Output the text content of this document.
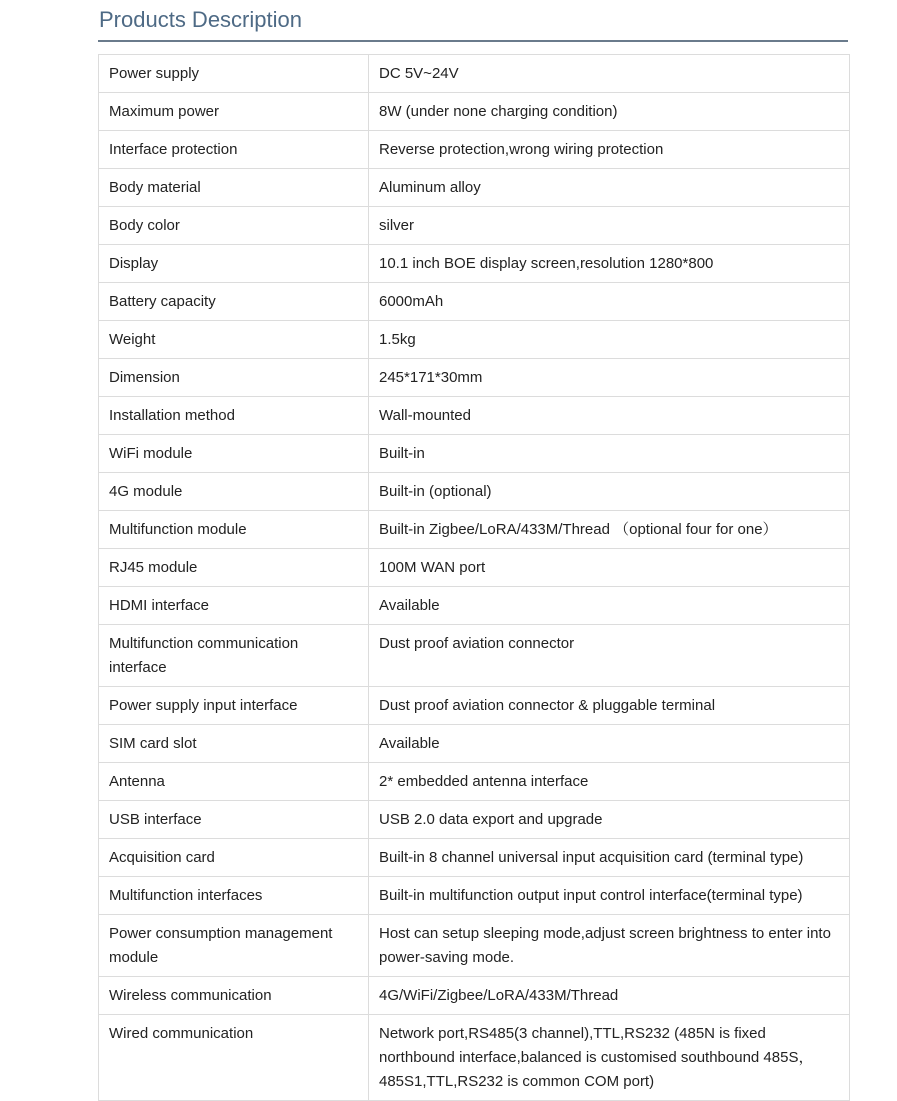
Products Description
Power supply	DC 5V~24V
Maximum power	8W (under none charging condition)
Interface protection	Reverse protection,wrong wiring protection
Body material	Aluminum alloy
Body color	silver
Display	10.1 inch BOE display screen,resolution 1280*800
Battery capacity	6000mAh
Weight	1.5kg
Dimension	245*171*30mm
Installation method	Wall-mounted
WiFi module	Built-in
4G module	Built-in (optional)
Multifunction module	Built-in Zigbee/LoRA/433M/Thread （optional four for one）
RJ45 module	100M WAN port
HDMI interface	Available
Multifunction communication interface	Dust proof aviation connector
Power supply input interface	Dust proof aviation connector & pluggable terminal
SIM card slot	Available
Antenna	2* embedded antenna interface
USB interface	USB 2.0 data export and upgrade
Acquisition card	Built-in 8 channel universal input acquisition card (terminal type)
Multifunction interfaces	Built-in multifunction output input control interface(terminal type)
Power consumption management module	Host can setup sleeping mode,adjust screen brightness to enter into power-saving mode.
Wireless communication	4G/WiFi/Zigbee/LoRA/433M/Thread
Wired communication	Network port,RS485(3 channel),TTL,RS232 (485N is fixed northbound interface,balanced is customised southbound 485S，485S1,TTL,RS232 is common COM port)
